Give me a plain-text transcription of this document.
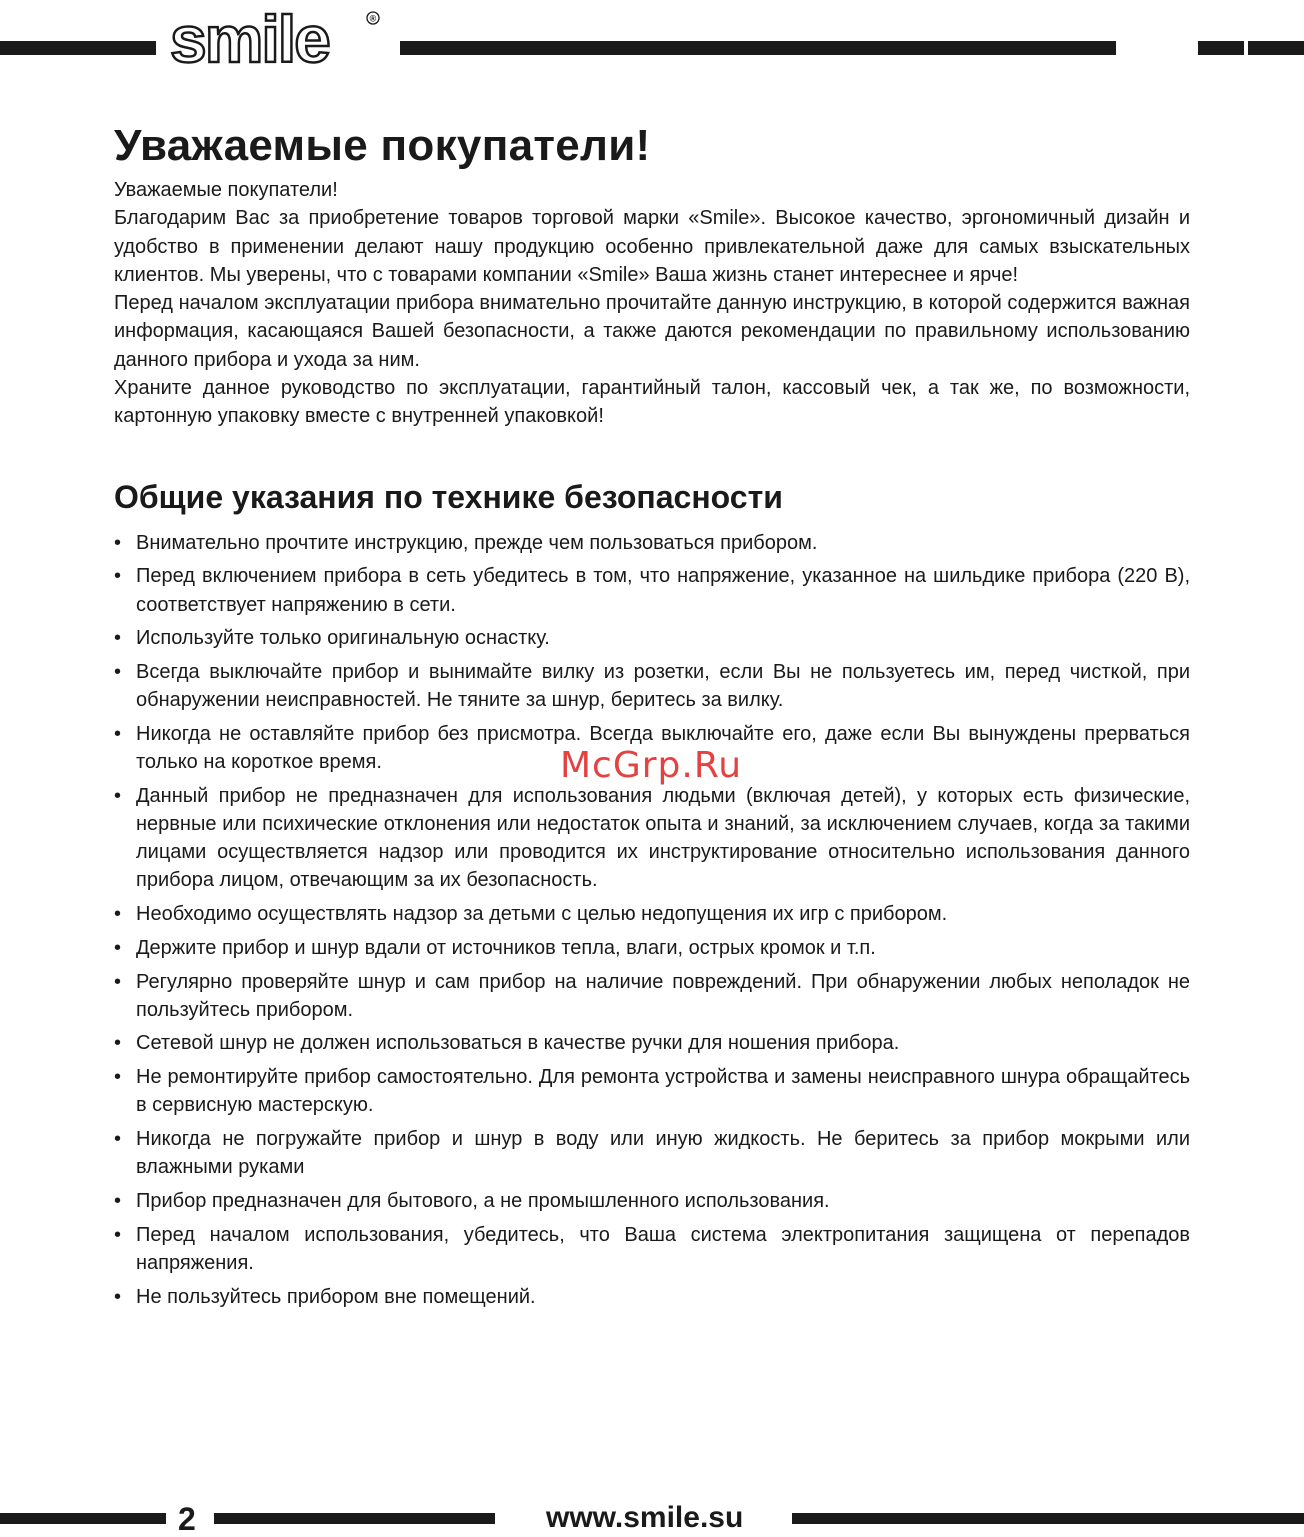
smile	®
Уважаемые покупатели!

Уважаемые покупатели!

Благодарим Вас за приобретение товаров торговой марки «Smile». Высокое качество, эргономичный дизайн и удобство в применении делают нашу продукцию особенно привлекательной даже для самых взыскательных клиентов. Мы уверены, что с товарами компании «Smile» Ваша жизнь станет интереснее и ярче!

Перед началом эксплуатации прибора внимательно прочитайте данную инструкцию, в которой содержится важная информация, касающаяся Вашей безопасности, а также даются рекомендации по правильному использованию данного прибора и ухода за ним.

Храните данное руководство по эксплуатации, гарантийный талон, кассовый чек, а так же, по возможности, картонную упаковку вместе с внутренней упаковкой!

Общие указания по технике безопасности
• Внимательно прочтите инструкцию, прежде чем пользоваться прибором.
• Перед включением прибора в сеть убедитесь в том, что напряжение, указанное на шильдике прибора (220 В), соответствует напряжению в сети.
• Используйте только оригинальную оснастку.
• Всегда выключайте прибор и вынимайте вилку из розетки, если Вы не пользуетесь им, перед чисткой, при обнаружении неисправностей. Не тяните за шнур, беритесь за вилку.
• Никогда не оставляйте прибор без присмотра. Всегда выключайте его, даже если Вы вынуждены прерваться только на короткое время.
• Данный прибор не предназначен для использования людьми (включая детей), у которых есть физические, нервные или психические отклонения или недостаток опыта и знаний, за исключением случаев, когда за такими лицами осуществляется надзор или проводится их инструктирование относительно использования данного прибора лицом, отвечающим за их безопасность.
• Необходимо осуществлять надзор за детьми с целью недопущения их игр с прибором.
• Держите прибор и шнур вдали от источников тепла, влаги, острых кромок и т.п.
• Регулярно проверяйте шнур и сам прибор на наличие повреждений. При обнаружении любых неполадок не пользуйтесь прибором.
• Сетевой шнур не должен использоваться в качестве ручки для ношения прибора.
• Не ремонтируйте прибор самостоятельно. Для ремонта устройства и замены неисправного шнура обращайтесь в сервисную мастерскую.
• Никогда не погружайте прибор и шнур в воду или иную жидкость. Не беритесь за прибор мокрыми или влажными руками
• Прибор предназначен для бытового, а не промышленного использования.
• Перед началом использования, убедитесь, что Ваша система электропитания защищена от перепадов напряжения.
• Не пользуйтесь прибором вне помещений.
McGrp.Ru
2	www.smile.su
